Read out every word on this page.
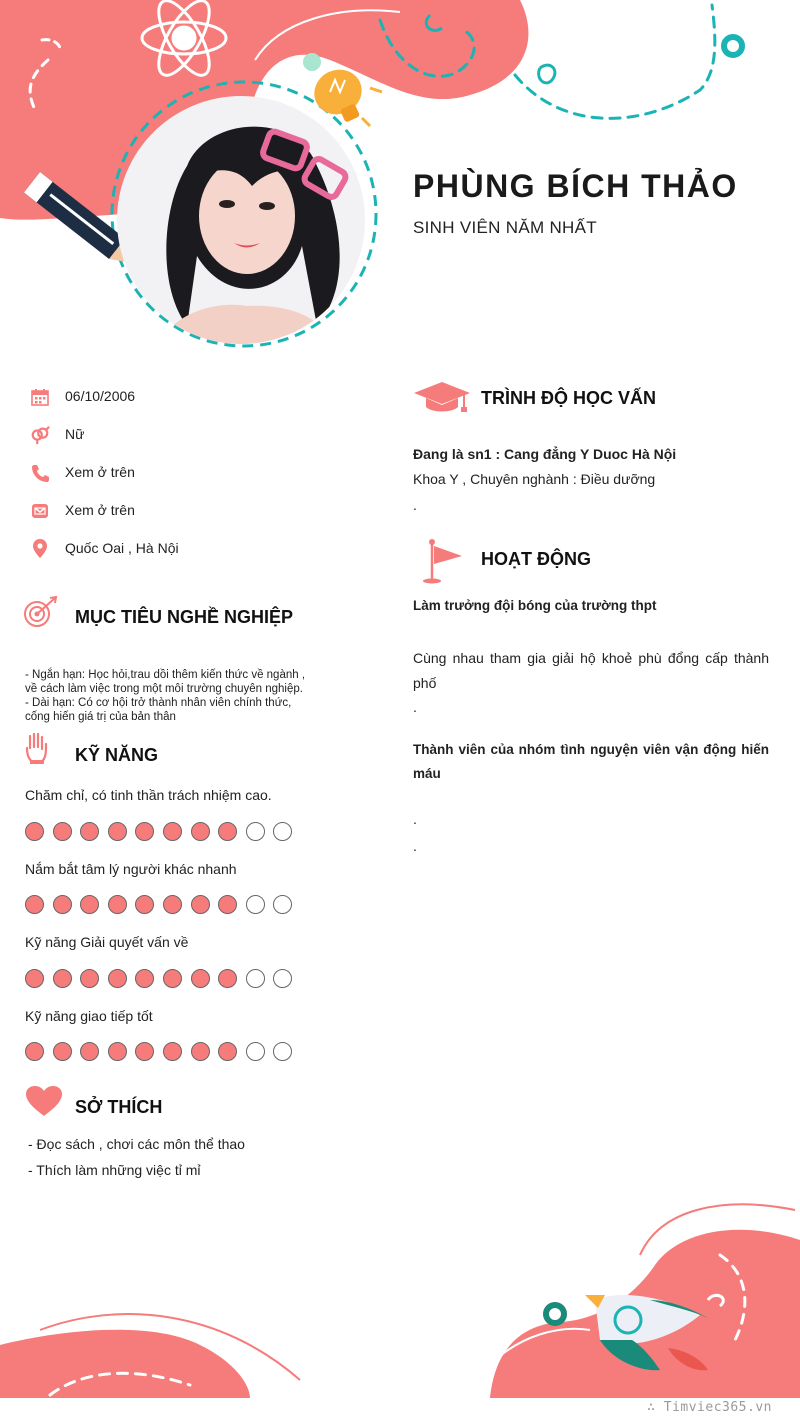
PHÙNG BÍCH THẢO
SINH VIÊN NĂM NHẤT
06/10/2006
Nữ
Xem ở trên
Xem ở trên
Quốc Oai , Hà Nội
MỤC TIÊU NGHỀ NGHIỆP
- Ngắn hạn: Học hỏi,trau dồi thêm kiến thức về ngành ,
về cách làm việc trong một môi trường chuyên nghiệp.
- Dài hạn: Có cơ hội trở thành nhân viên chính thức,
cống hiến giá trị của bản thân
KỸ NĂNG
Chăm chỉ, có tinh thần trách nhiệm cao.
Nắm bắt tâm lý người khác nhanh
Kỹ năng Giải quyết vấn về
Kỹ năng giao tiếp tốt
SỞ THÍCH
- Đọc sách , chơi các môn thể thao
- Thích làm những việc tỉ mỉ
TRÌNH ĐỘ HỌC VẤN
Đang là sn1 : Cang đẳng Y Duoc Hà Nội
Khoa Y , Chuyên nghành : Điều dưỡng
.
HOẠT ĐỘNG
Làm trưởng đội bóng của trường thpt
Cùng nhau tham gia giải hộ khoẻ phù đổng cấp thành phố
.
Thành viên của nhóm tình nguyện viên vận động hiến máu
.
.
∴ Timviec365.vn
